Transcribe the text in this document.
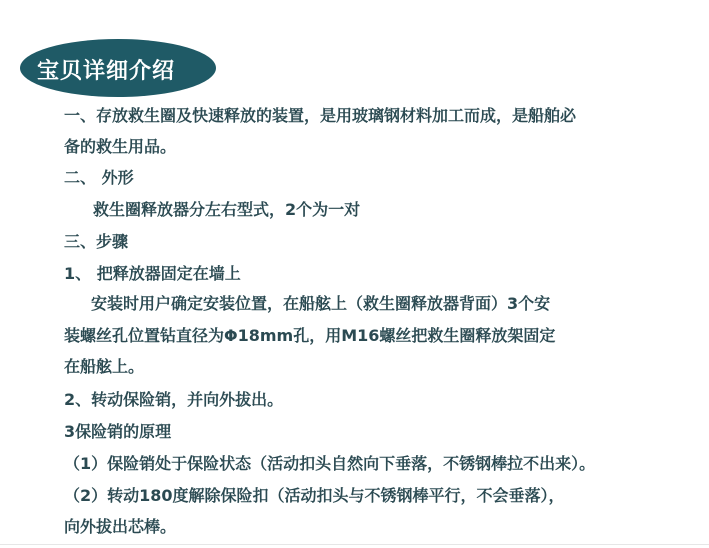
宝贝详细介绍
一、存放救生圈及快速释放的装置，是用玻璃钢材料加工而成，是船舶必
备的救生用品。
二、 外形
救生圈释放器分左右型式，2个为一对
三、步骤
1、 把释放器固定在墙上
安装时用户确定安装位置，在船舷上（救生圈释放器背面）3个安
装螺丝孔位置钻直径为Φ18mm孔，用M16螺丝把救生圈释放架固定
在船舷上。
2、转动保险销，并向外拔出。
3保险销的原理
（1）保险销处于保险状态（活动扣头自然向下垂落，不锈钢棒拉不出来）。
（2）转动180度解除保险扣（活动扣头与不锈钢棒平行，不会垂落），
向外拔出芯棒。
